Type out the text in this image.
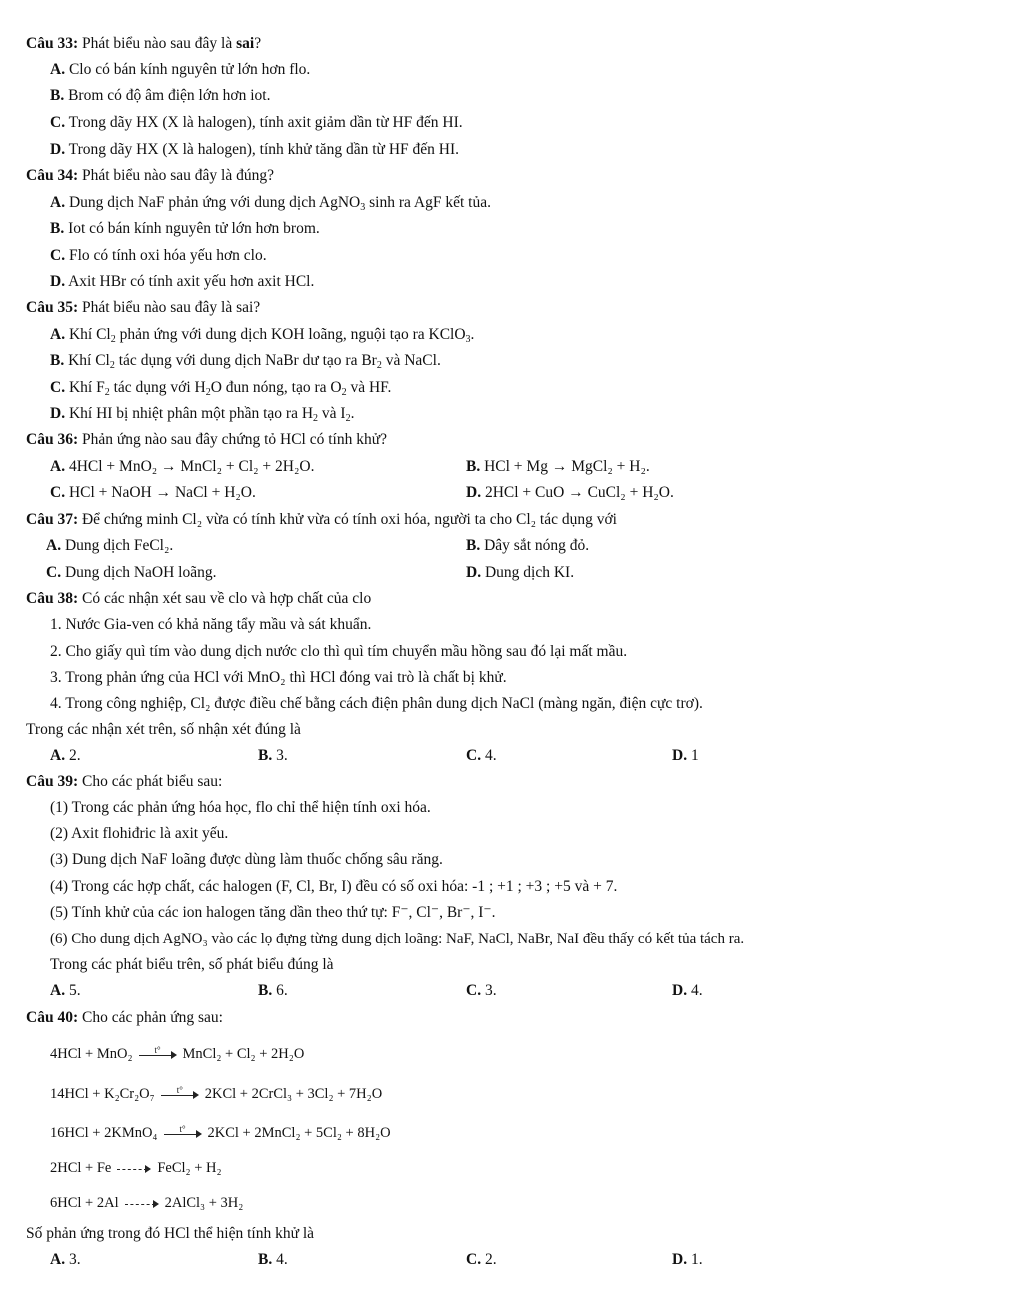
Câu 33: Phát biểu nào sau đây là sai?
A. Clo có bán kính nguyên tử lớn hơn flo.
B. Brom có độ âm điện lớn hơn iot.
C. Trong dãy HX (X là halogen), tính axit giảm dần từ HF đến HI.
D. Trong dãy HX (X là halogen), tính khử tăng dần từ HF đến HI.
Câu 34: Phát biểu nào sau đây là đúng?
A. Dung dịch NaF phản ứng với dung dịch AgNO$_3$ sinh ra AgF kết tủa.
B. Iot có bán kính nguyên tử lớn hơn brom.
C. Flo có tính oxi hóa yếu hơn clo.
D. Axit HBr có tính axit yếu hơn axit HCl.
Câu 35: Phát biểu nào sau đây là sai?
A. Khí $Cl_2$ phản ứng với dung dịch KOH loãng, nguội tạo ra KClO$_3$.
B. Khí $Cl_2$ tác dụng với dung dịch NaBr dư tạo ra $Br_2$ và NaCl.
C. Khí $F_2$ tác dụng với $H_2O$ đun nóng, tạo ra $O_2$ và HF.
D. Khí HI bị nhiệt phân một phần tạo ra $H_2$ và $I_2$.
Câu 36: Phản ứng nào sau đây chứng tỏ HCl có tính khử?
A. 4HCl + MnO₂ → MnCl₂ + Cl₂ + 2H₂O.	B. HCl + Mg → MgCl₂ + H₂.
C. HCl + NaOH → NaCl + H₂O.	D. 2HCl + CuO → CuCl₂ + H₂O.
Câu 37: Để chứng minh Cl₂ vừa có tính khử vừa có tính oxi hóa, người ta cho Cl₂ tác dụng với
A. Dung dịch FeCl₂.	B. Dây sắt nóng đỏ.
C. Dung dịch NaOH loãng.	D. Dung dịch KI.
Câu 38: Có các nhận xét sau về clo và hợp chất của clo
1. Nước Gia-ven có khả năng tẩy mầu và sát khuẩn.
2. Cho giấy quì tím vào dung dịch nước clo thì quì tím chuyển mầu hồng sau đó lại mất mầu.
3. Trong phản ứng của HCl với MnO₂ thì HCl đóng vai trò là chất bị khử.
4. Trong công nghiệp, Cl₂ được điều chế bằng cách điện phân dung dịch NaCl (màng ngăn, điện cực trơ).
Trong các nhận xét trên, số nhận xét đúng là
A. 2.	B. 3.	C. 4.	D. 1
Câu 39: Cho các phát biểu sau:
(1) Trong các phản ứng hóa học, flo chỉ thể hiện tính oxi hóa.
(2) Axit flohiđric là axit yếu.
(3) Dung dịch NaF loãng được dùng làm thuốc chống sâu răng.
(4) Trong các hợp chất, các halogen (F, Cl, Br, I) đều có số oxi hóa: -1 ; +1 ; +3 ; +5 và + 7.
(5) Tính khử của các ion halogen tăng dần theo thứ tự: F⁻, Cl⁻, Br⁻, I⁻.
(6) Cho dung dịch AgNO₃ vào các lọ đựng từng dung dịch loãng: NaF, NaCl, NaBr, NaI đều thấy có kết tủa tách ra.
Trong các phát biểu trên, số phát biểu đúng là
A. 5.	B. 6.	C. 3.	D. 4.
Câu 40: Cho các phản ứng sau:
4HCl + MnO₂ t° MnCl₂ + Cl₂ + 2H₂O
14HCl + K₂Cr₂O₇ t° 2KCl + 2CrCl₃ + 3Cl₂ + 7H₂O
16HCl + 2KMnO₄ t° 2KCl + 2MnCl₂ + 5Cl₂ + 8H₂O
2HCl + Fe	FeCl₂ + H₂
6HCl + 2Al	2AlCl₃ + 3H₂
Số phản ứng trong đó HCl thể hiện tính khử là
A. 3.	B. 4.	C. 2.	D. 1.
